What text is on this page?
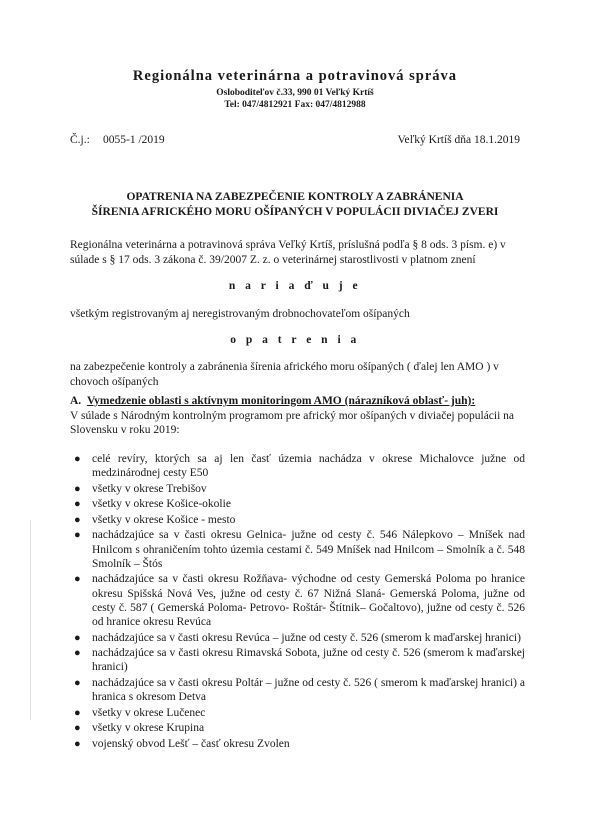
Regionálna veterinárna a potravinová správa
Osloboditeľov č.33, 990 01 Veľký Krtíš
Tel: 047/4812921 Fax: 047/4812988
Č.j.: 0055-1 /2019	Veľký Krtíš dňa 18.1.2019
OPATRENIA NA ZABEZPEČENIE KONTROLY A ZABRÁNENIA
ŠÍRENIA AFRICKÉHO MORU OŠÍPANÝCH V POPULÁCII DIVIAČEJ ZVERI
Regionálna veterinárna a potravinová správa Veľký Krtíš, príslušná podľa § 8 ods. 3 písm. e) v súlade s § 17 ods. 3 zákona č. 39/2007 Z. z. o veterinárnej starostlivosti v platnom znení
n a r i a ď u j e
všetkým registrovaným aj neregistrovaným drobnochovateľom ošípaných
o p a t r e n i a
na zabezpečenie kontroly a zabránenia šírenia afrického moru ošípaných ( ďalej len AMO ) v chovoch ošípaných
A. Vymedzenie oblasti s aktívnym monitoringom AMO (nárazníková oblasť- juh):
V súlade s Národným kontrolným programom pre africký mor ošípaných v diviačej populácii na Slovensku v roku 2019:
● celé revíry, ktorých sa aj len časť územia nachádza v okrese Michalovce južne od medzinárodnej cesty E50
● všetky v okrese Trebišov
● všetky v okrese Košice-okolie
● všetky v okrese Košice - mesto
● nachádzajúce sa v časti okresu Gelnica- južne od cesty č. 546 Nálepkovo – Mníšek nad Hnilcom s ohraničením tohto územia cestami č. 549 Mníšek nad Hnilcom – Smolník a č. 548 Smolník – Štós
● nachádzajúce sa v časti okresu Rožňava- východne od cesty Gemerská Poloma po hranice okresu Spišská Nová Ves, južne od cesty č. 67 Nižná Slaná- Gemerská Poloma, južne od cesty č. 587 ( Gemerská Poloma- Petrovo- Roštár- Štítnik– Gočaltovo), južne od cesty č. 526 od hranice okresu Revúca
● nachádzajúce sa v časti okresu Revúca – južne od cesty č. 526 (smerom k maďarskej hranici)
● nachádzajúce sa v časti okresu Rimavská Sobota, južne od cesty č. 526 (smerom k maďarskej hranici)
● nachádzajúce sa v časti okresu Poltár – južne od cesty č. 526 ( smerom k maďarskej hranici) a hranica s okresom Detva
● všetky v okrese Lučenec
● všetky v okrese Krupina
● vojenský obvod Lešť – časť okresu Zvolen
